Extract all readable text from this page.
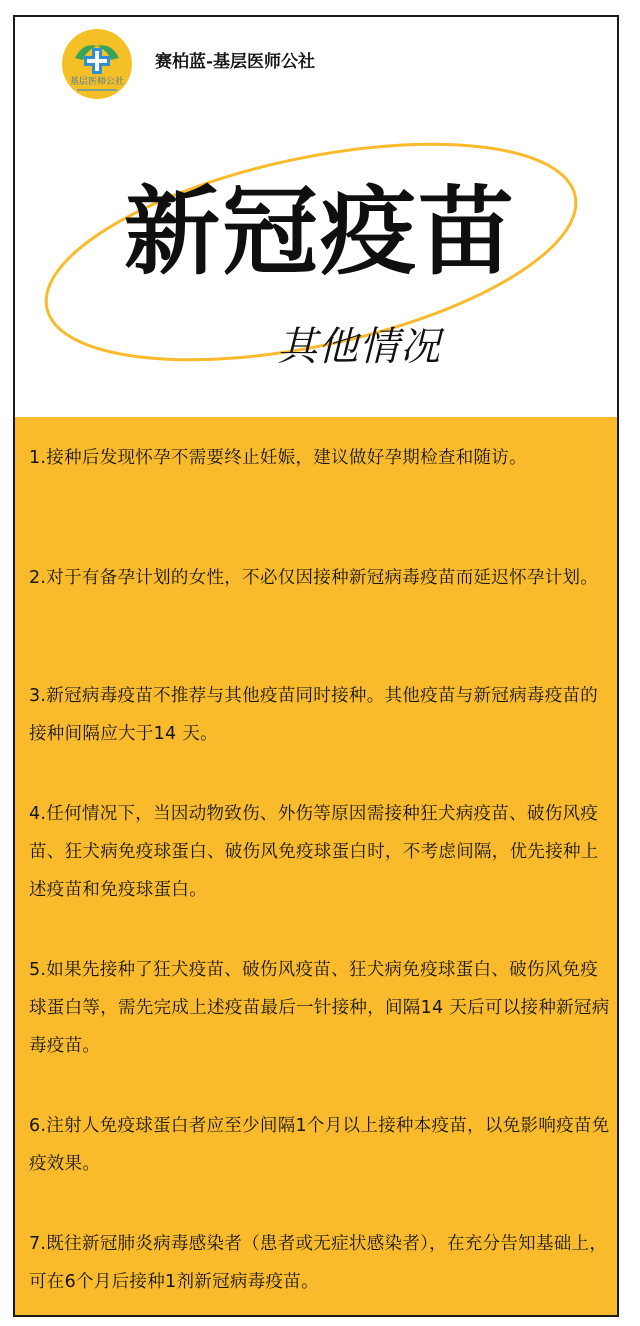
基层医师公社
赛柏蓝-基层医师公社
新冠疫苗
其他情况

1.接种后发现怀孕不需要终止妊娠，建议做好孕期检查和随访。

2.对于有备孕计划的女性，不必仅因接种新冠病毒疫苗而延迟怀孕计划。

3.新冠病毒疫苗不推荐与其他疫苗同时接种。其他疫苗与新冠病毒疫苗的接种间隔应大于14 天。

4.任何情况下，当因动物致伤、外伤等原因需接种狂犬病疫苗、破伤风疫苗、狂犬病免疫球蛋白、破伤风免疫球蛋白时，不考虑间隔，优先接种上述疫苗和免疫球蛋白。

5.如果先接种了狂犬疫苗、破伤风疫苗、狂犬病免疫球蛋白、破伤风免疫球蛋白等，需先完成上述疫苗最后一针接种，间隔14 天后可以接种新冠病毒疫苗。

6.注射人免疫球蛋白者应至少间隔1个月以上接种本疫苗，以免影响疫苗免疫效果。

7.既往新冠肺炎病毒感染者（患者或无症状感染者），在充分告知基础上，可在6个月后接种1剂新冠病毒疫苗。
